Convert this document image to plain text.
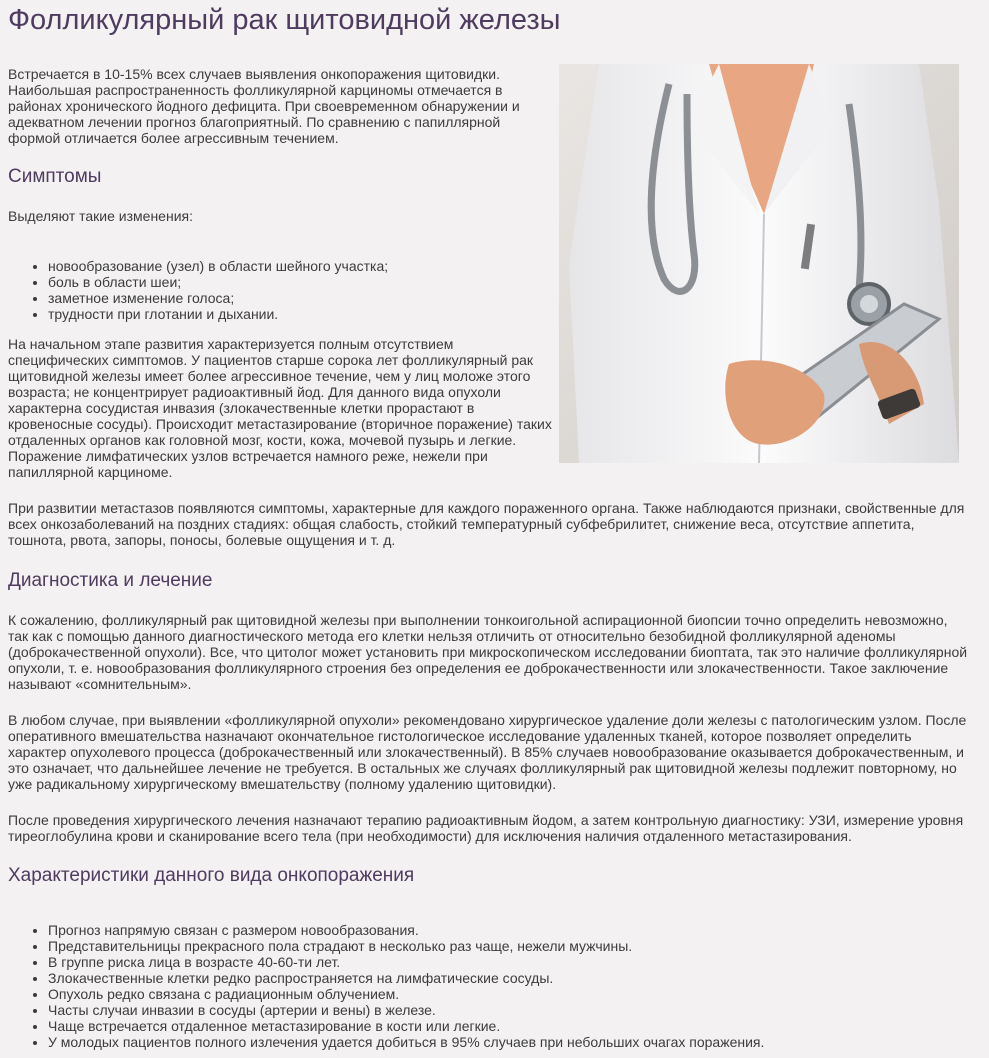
Фолликулярный рак щитовидной железы

Встречается в 10-15% всех случаев выявления онкопоражения щитовидки. Наибольшая распространенность фолликулярной карциномы отмечается в районах хронического йодного дефицита. При своевременном обнаружении и адекватном лечении прогноз благоприятный. По сравнению с папиллярной формой отличается более агрессивным течением.

Симптомы

Выделяют такие изменения:

• новообразование (узел) в области шейного участка;
• боль в области шеи;
• заметное изменение голоса;
• трудности при глотании и дыхании.

На начальном этапе развития характеризуется полным отсутствием специфических симптомов. У пациентов старше сорока лет фолликулярный рак щитовидной железы имеет более агрессивное течение, чем у лиц моложе этого возраста; не концентрирует радиоактивный йод. Для данного вида опухоли характерна сосудистая инвазия (злокачественные клетки прорастают в кровеносные сосуды). Происходит метастазирование (вторичное поражение) таких отдаленных органов как головной мозг, кости, кожа, мочевой пузырь и легкие. Поражение лимфатических узлов встречается намного реже, нежели при папиллярной карциноме.

При развитии метастазов появляются симптомы, характерные для каждого пораженного органа. Также наблюдаются признаки, свойственные для всех онкозаболеваний на поздних стадиях: общая слабость, стойкий температурный субфебрилитет, снижение веса, отсутствие аппетита, тошнота, рвота, запоры, поносы, болевые ощущения и т. д.

Диагностика и лечение

К сожалению, фолликулярный рак щитовидной железы при выполнении тонкоигольной аспирационной биопсии точно определить невозможно, так как с помощью данного диагностического метода его клетки нельзя отличить от относительно безобидной фолликулярной аденомы (доброкачественной опухоли). Все, что цитолог может установить при микроскопическом исследовании биоптата, так это наличие фолликулярной опухоли, т. е. новообразования фолликулярного строения без определения ее доброкачественности или злокачественности. Такое заключение называют «сомнительным».

В любом случае, при выявлении «фолликулярной опухоли» рекомендовано хирургическое удаление доли железы с патологическим узлом. После оперативного вмешательства назначают окончательное гистологическое исследование удаленных тканей, которое позволяет определить характер опухолевого процесса (доброкачественный или злокачественный). В 85% случаев новообразование оказывается доброкачественным, и это означает, что дальнейшее лечение не требуется. В остальных же случаях фолликулярный рак щитовидной железы подлежит повторному, но уже радикальному хирургическому вмешательству (полному удалению щитовидки).

После проведения хирургического лечения назначают терапию радиоактивным йодом, а затем контрольную диагностику: УЗИ, измерение уровня тиреоглобулина крови и сканирование всего тела (при необходимости) для исключения наличия отдаленного метастазирования.

Характеристики данного вида онкопоражения
• Прогноз напрямую связан с размером новообразования.
• Представительницы прекрасного пола страдают в несколько раз чаще, нежели мужчины.
• В группе риска лица в возрасте 40-60-ти лет.
• Злокачественные клетки редко распространяется на лимфатические сосуды.
• Опухоль редко связана с радиационным облучением.
• Часты случаи инвазии в сосуды (артерии и вены) в железе.
• Чаще встречается отдаленное метастазирование в кости или легкие.
• У молодых пациентов полного излечения удается добиться в 95% случаев при небольших очагах поражения.
